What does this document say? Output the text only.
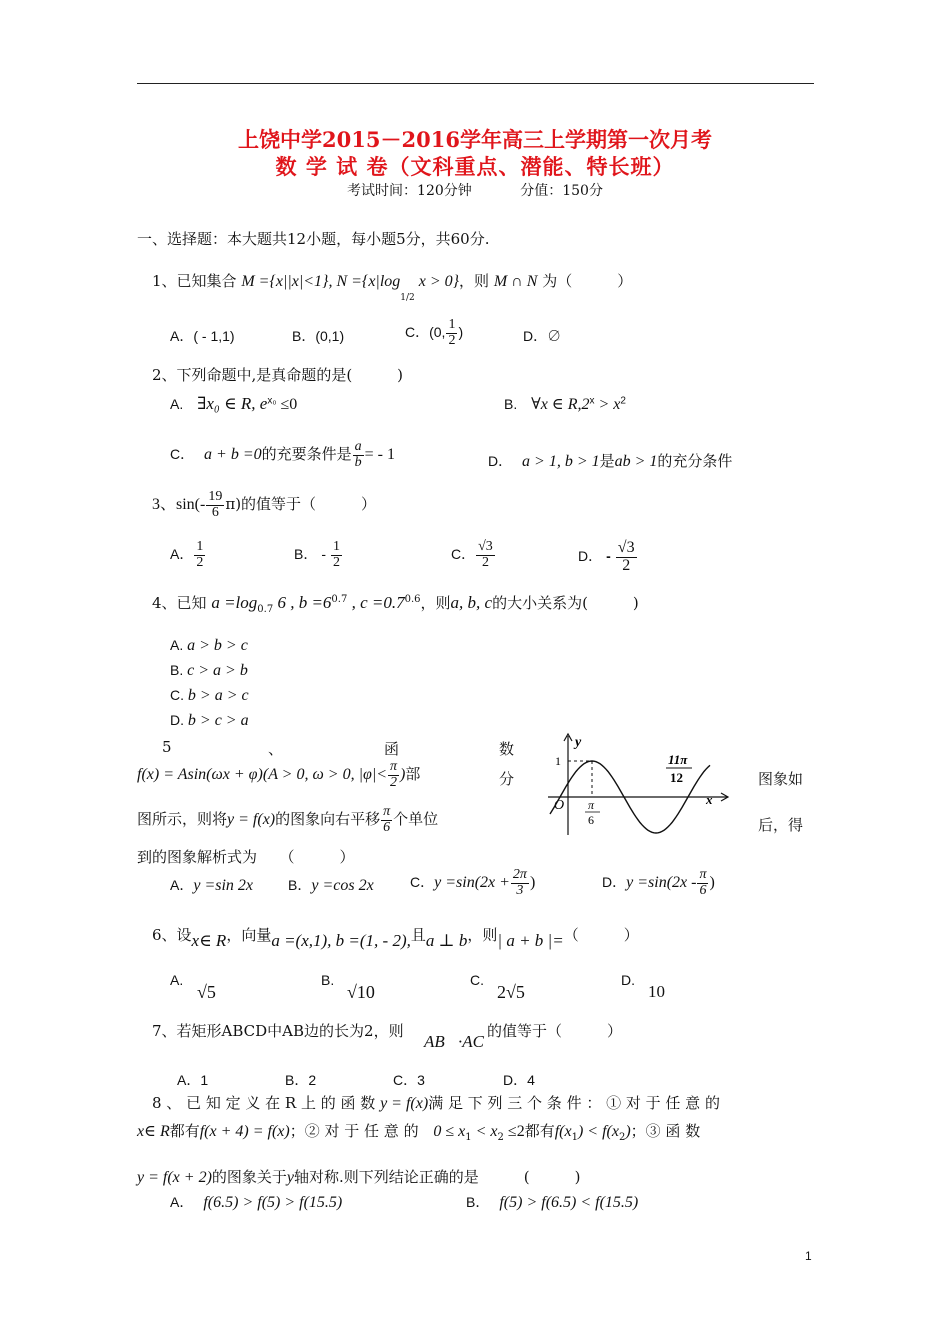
上饶中学2015－2016学年高三上学期第一次月考
数 学 试 卷（文科重点、潜能、特长班）
考试时间：120分钟	分值：150分
一、选择题：本大题共12小题，每小题5分，共60分.
1、已知集合 M ={x||x|<1}, $N =\{x|\log_{1/2}$ x > 0}，则 M ∩ N 为（　　　）
A．( - 1,1)	B．(0,1)	C．(0, $\frac{1}{2}$ )	D．∅
2、下列命题中,是真命题的是(　　　)
A. ∃x₀ ∈ R, $e^{x_0} \le 0$	B. ∀x ∈ $R,2^x > x^2$
C． a + b =0的充要条件是 $\frac{a}{b}$ = - 1	D． a > 1, b > 1是ab > 1的充分条件
3、$\sin(- \frac{19}{6} \pi)$的值等于（　　　）
A． $\frac{1}{2}$	B． - $\frac{1}{2}$	C． $\frac{√3}{2}$	D． - $\frac{√3}{2}$
4、已知 $a =\log_{0.7}$ 6 , $b =6^{0.7}$ , $c =0.7^{0.6}$，则a, b, c的大小关系为(　　　)
A. a > b > c
B. c > a > b
C. b > a > c
D. b > c > a
5	、	函	数
f(x) = Asin(ωx + φ)(A > 0, ω > 0, $|\varphi|< \frac{\pi}{2}$ )部	分	图象如
图所示，则将y = f(x)的图象向右平移 $\frac{\pi}{6}$ 个单位	后，得
到的图象解析式为　　（　　　）
y
x
O
1
π
6
11π
12
A．y =sin 2x B．y =cos 2x	C．$y =\sin(2x + \frac{2\pi}{3}$ )	D．$y =\sin(2x - \frac{\pi}{6}$ )
6、设x∈ R，向量a =(x,1), b =(1, - 2),且a ⊥ b，则| a + b |=（　　　）
A.
√5
B.
√10
C.
2√5
D.
10
7、若矩形ABCD中AB边的长为2，则
AB⃗·AC⃗
的值等于（　　　）
A．1	B．2	C．3	D．4
8 、 已 知 定 义 在 R 上 的 函 数 y = f(x)满 足 下 列 三 个 条 件 ： ① 对 于 任 意 的
x∈ R都有f(x + 4) = f(x)；② 对 于 任 意 的 $0 \le x_1 < x_2 \le 2$都有$f(x_1) < f(x_2)$；③ 函 数
y = f(x + 2)的图象关于y轴对称.则下列结论正确的是　　　(　　　)
A． f(6.5) > f(5) > f(15.5)	B． f(5) > f(6.5) < f(15.5)
1
